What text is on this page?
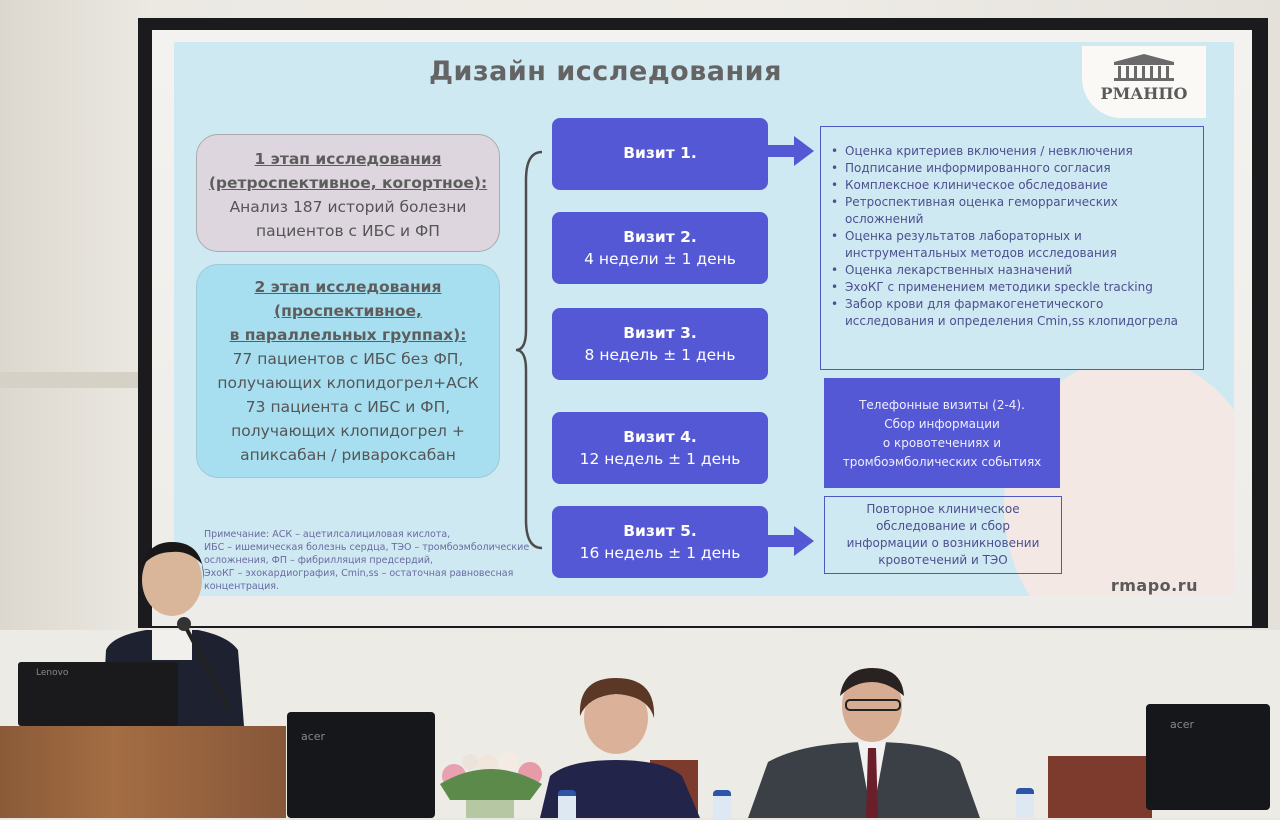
Дизайн исследования
РМАНПО
1 этап исследования
(ретроспективное, когортное):
Анализ 187 историй болезни
пациентов с ИБС и ФП
2 этап исследования
(проспективное,
в параллельных группах):
77 пациентов с ИБС без ФП,
получающих клопидогрел+АСК
73 пациента с ИБС и ФП,
получающих клопидогрел +
апиксабан / ривароксабан
Визит 1.
Визит 2.
4 недели ± 1 день
Визит 3.
8 недель ± 1 день
Визит 4.
12 недель ± 1 день
Визит 5.
16 недель ± 1 день
• Оценка критериев включения / невключения
• Подписание информированного согласия
• Комплексное клиническое обследование
• Ретроспективная оценка геморрагических осложнений
• Оценка результатов лабораторных и инструментальных методов исследования
• Оценка лекарственных назначений
• ЭхоКГ с применением методики speckle tracking
• Забор крови для фармакогенетического исследования и определения Cmin,ss клопидогрела
Телефонные визиты (2-4).
Сбор информации
о кровотечениях и
тромбоэмболических событиях
Повторное клиническое
обследование и сбор
информации о возникновении
кровотечений и ТЭО
Примечание: АСК – ацетилсалициловая кислота,
ИБС – ишемическая болезнь сердца, ТЭО – тромбоэмболические
осложнения, ФП – фибрилляция предсердий,
ЭхоКГ – эхокардиография, Cmin,ss – остаточная равновесная
концентрация.	rmapo.ru
Lenovo
acer
acer
